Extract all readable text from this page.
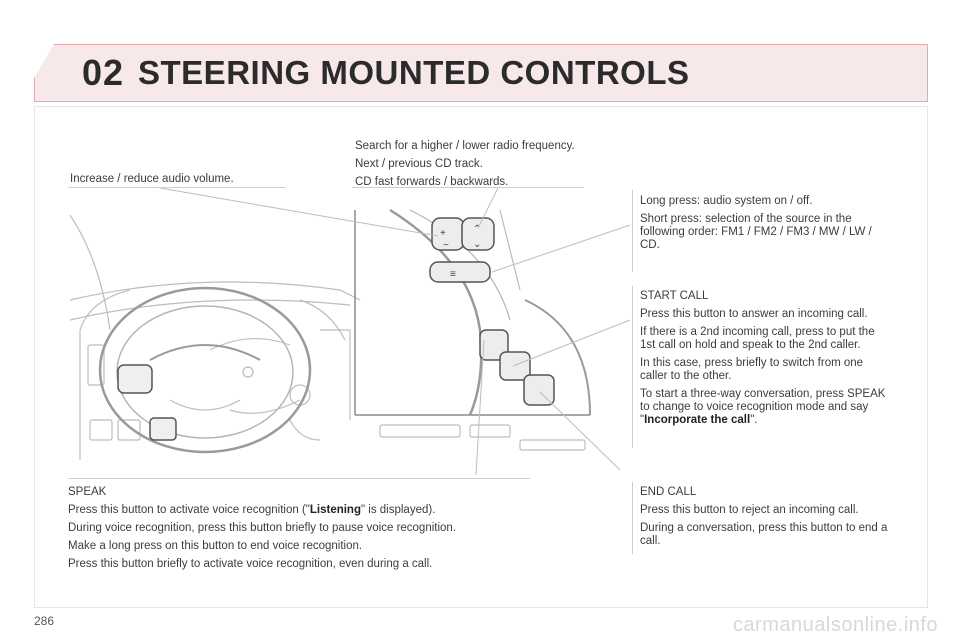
02 STEERING MOUNTED CONTROLS
+
−
⌃
⌄
≡

Increase / reduce audio volume.

Search for a higher / lower radio frequency.

Next / previous CD track.

CD fast forwards / backwards.

Long press: audio system on / off.

Short press: selection of the source in the following order: FM1 / FM2 / FM3 / MW / LW / CD.

START CALL

Press this button to answer an incoming call.

If there is a 2nd incoming call, press to put the 1st call on hold and speak to the 2nd caller.

In this case, press briefly to switch from one caller to the other.

To start a three-way conversation, press SPEAK to change to voice recognition mode and say "Incorporate the call".

END CALL

Press this button to reject an incoming call.

During a conversation, press this button to end a call.

SPEAK

Press this button to activate voice recognition ("Listening" is displayed).

During voice recognition, press this button briefly to pause voice recognition.

Make a long press on this button to end voice recognition.

Press this button briefly to activate voice recognition, even during a call.

286	carmanualsonline.info
